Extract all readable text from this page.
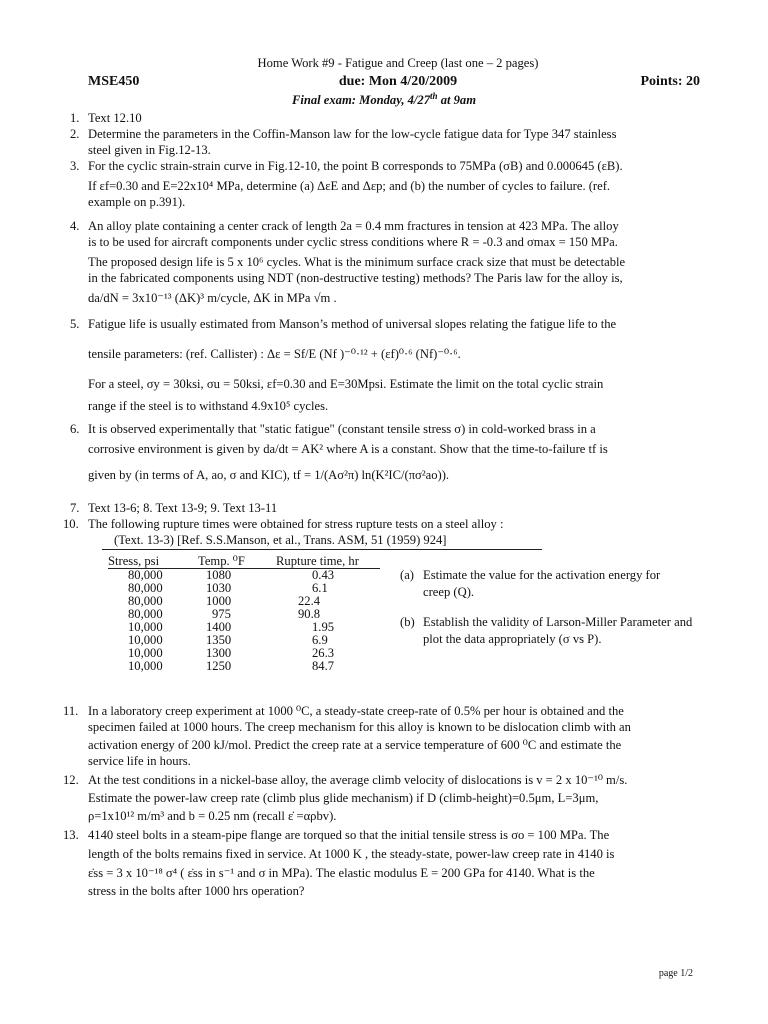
Home Work #9 - Fatigue and Creep (last one – 2 pages)
MSE450	due: Mon 4/20/2009	Points: 20
Final exam: Monday, 4/27th at 9am
1. Text 12.10
2. Determine the parameters in the Coffin-Manson law for the low-cycle fatigue data for Type 347 stainless
steel given in Fig.12-13.
3. For the cyclic strain-strain curve in Fig.12-10, the point B corresponds to 75MPa (σB) and 0.000645 (εB).
If εf=0.30 and E=22x10⁴ MPa, determine (a) ΔεE and Δεp; and (b) the number of cycles to failure. (ref.
example on p.391).
4. An alloy plate containing a center crack of length 2a = 0.4 mm fractures in tension at 423 MPa. The alloy
is to be used for aircraft components under cyclic stress conditions where R = -0.3 and σmax = 150 MPa.
The proposed design life is 5 x 10⁶ cycles. What is the minimum surface crack size that must be detectable
in the fabricated components using NDT (non-destructive testing) methods? The Paris law for the alloy is,
da/dN = 3x10⁻¹³ (ΔK)³ m/cycle, ΔK in MPa √m .
5. Fatigue life is usually estimated from Manson’s method of universal slopes relating the fatigue life to the
tensile parameters: (ref. Callister) : Δε = Sf/E (Nf )⁻⁰·¹² + (εf)⁰·⁶ (Nf)⁻⁰·⁶.
For a steel, σy = 30ksi, σu = 50ksi, εf=0.30 and E=30Mpsi. Estimate the limit on the total cyclic strain
range if the steel is to withstand 4.9x10⁵ cycles.
6. It is observed experimentally that "static fatigue" (constant tensile stress σ) in cold-worked brass in a
corrosive environment is given by da/dt = AK² where A is a constant. Show that the time-to-failure tf is
given by (in terms of A, ao, σ and KIC), tf = 1/(Aσ²π) ln(K²IC/(πσ²ao)).
7. Text 13-6; 8. Text 13-9; 9. Text 13-11
10. The following rupture times were obtained for stress rupture tests on a steel alloy :
(Text. 13-3) [Ref. S.S.Manson, et al., Trans. ASM, 51 (1959) 924]
Stress, psi	Temp. ⁰F	Rupture time, hr

80,000	1080	0.43
80,000	1030	6.1
80,000	1000	22.4
80,000	975	90.8
10,000	1400	1.95
10,000	1350	6.9
10,000	1300	26.3
10,000	1250	84.7
(a) Estimate the value for the activation energy for
creep (Q).
(b) Establish the validity of Larson-Miller Parameter and
plot the data appropriately (σ vs P).
11. In a laboratory creep experiment at 1000 ⁰C, a steady-state creep-rate of 0.5% per hour is obtained and the
specimen failed at 1000 hours. The creep mechanism for this alloy is known to be dislocation climb with an
activation energy of 200 kJ/mol. Predict the creep rate at a service temperature of 600 ⁰C and estimate the
service life in hours.
12. At the test conditions in a nickel-base alloy, the average climb velocity of dislocations is v = 2 x 10⁻¹⁰ m/s.
Estimate the power-law creep rate (climb plus glide mechanism) if D (climb-height)=0.5μm, L=3μm,
ρ=1x10¹² m/m³ and b = 0.25 nm (recall ε̇ =αρbv).
13. 4140 steel bolts in a steam-pipe flange are torqued so that the initial tensile stress is σo = 100 MPa. The
length of the bolts remains fixed in service. At 1000 K , the steady-state, power-law creep rate in 4140 is
ε̇ss = 3 x 10⁻¹⁸ σ⁴ ( ε̇ss in s⁻¹ and σ in MPa). The elastic modulus E = 200 GPa for 4140. What is the
stress in the bolts after 1000 hrs operation?
page 1/2
